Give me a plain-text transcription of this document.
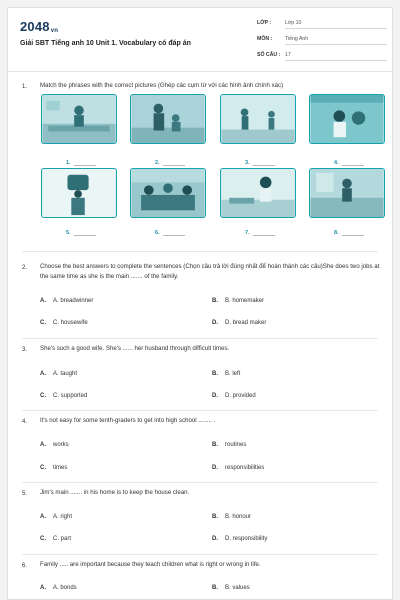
2048vn
Giải SBT Tiếng anh 10 Unit 1. Vocabulary có đáp án
LỚP :	Lớp 10
MÔN : Tiếng Anh
SỐ CÂU : 17
1. Match the phrases with the correct pictures (Ghép các cụm từ với các hình ảnh chính xác)
1.	2.	3.	4.
5.	6.	7.	8.
2. Choose the best answers to complete the sentences (Chọn câu trả lời đúng nhất để hoàn thành các câu)She does two jobs at the same time as she is the main ....... of the family.
A. A. breadwinner	B. B. homemaker
C. C. housewife	D. D. bread maker
3. She's such a good wife. She's ...... her husband through difficult times.
A. A. taught	B. B. left
C. C. supported	D. D. provided
4. It's not easy for some tenth-graders to get into high school ........ .
A. works	B. routines
C. times	D. responsibilities
5. Jim's main ....... in his home is to keep the house clean.
A. A. right	B. B. honour
C. C. part	D. D. responsibility
6. Family ..... are important because they teach children what is right or wrong in life.
A. A. bonds	B. B. values
